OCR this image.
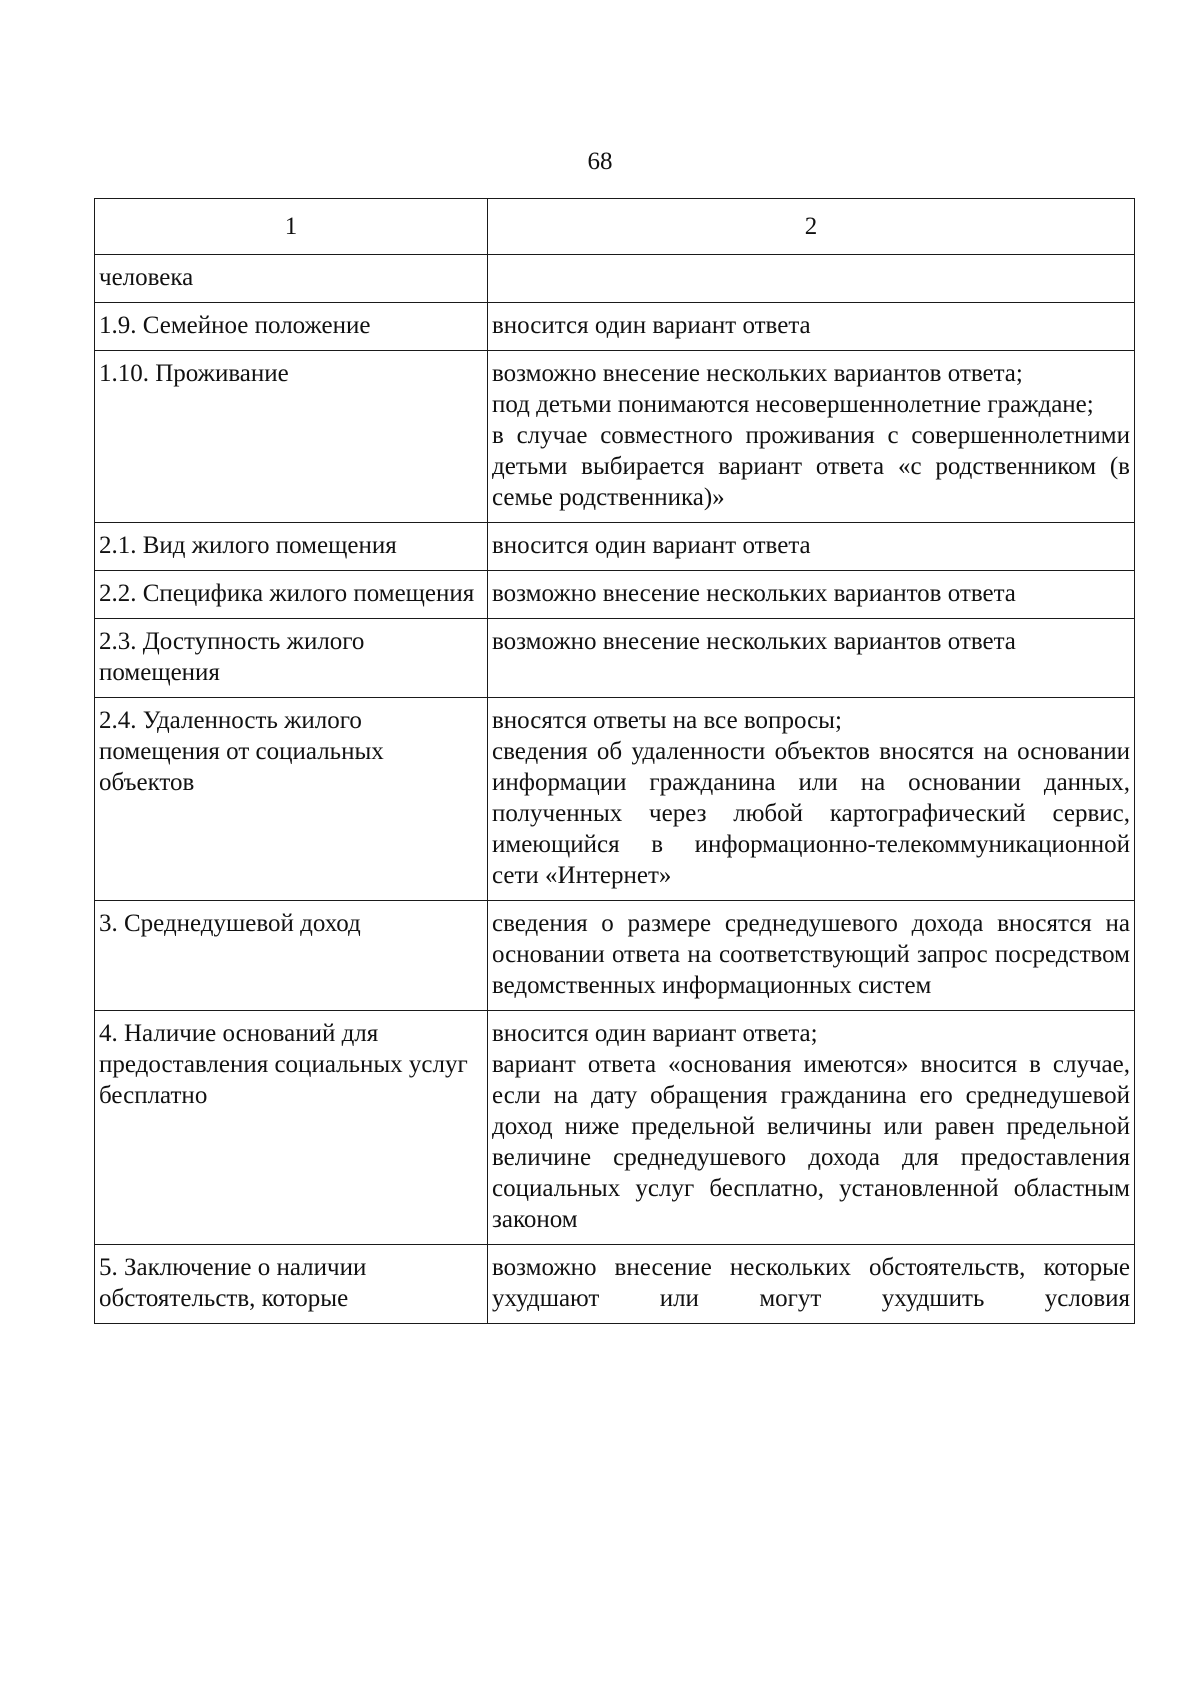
68
1	2
человека	
1.9. Семейное положение	вносится один вариант ответа

1.10. Проживание	возможно внесение нескольких вариантов ответа;
под детьми понимаются несовершеннолетние граждане;
в случае совместного проживания с совершеннолетними детьми выбирается вариант ответа «с родственником (в семье родственника)»

2.1. Вид жилого помещения	вносится один вариант ответа

2.2. Специфика жилого помещения	возможно внесение нескольких вариантов ответа

2.3. Доступность жилого помещения	возможно внесение нескольких вариантов ответа

2.4. Удаленность жилого помещения от социальных объектов	вносятся ответы на все вопросы;
сведения об удаленности объектов вносятся на основании информации гражданина или на основании данных, полученных через любой картографический сервис, имеющийся в информационно-телекоммуникационной сети «Интернет»

3. Среднедушевой доход	сведения о размере среднедушевого дохода вносятся на основании ответа на соответствующий запрос посредством ведомственных информационных систем

4. Наличие оснований для предоставления социальных услуг бесплатно	вносится один вариант ответа;
вариант ответа «основания имеются» вносится в случае, если на дату обращения гражданина его среднедушевой доход ниже предельной величины или равен предельной величине среднедушевого дохода для предоставления социальных услуг бесплатно, установленной областным законом

5. Заключение о наличии обстоятельств, которые	возможно внесение нескольких обстоятельств, которые ухудшают или могут ухудшить условия
